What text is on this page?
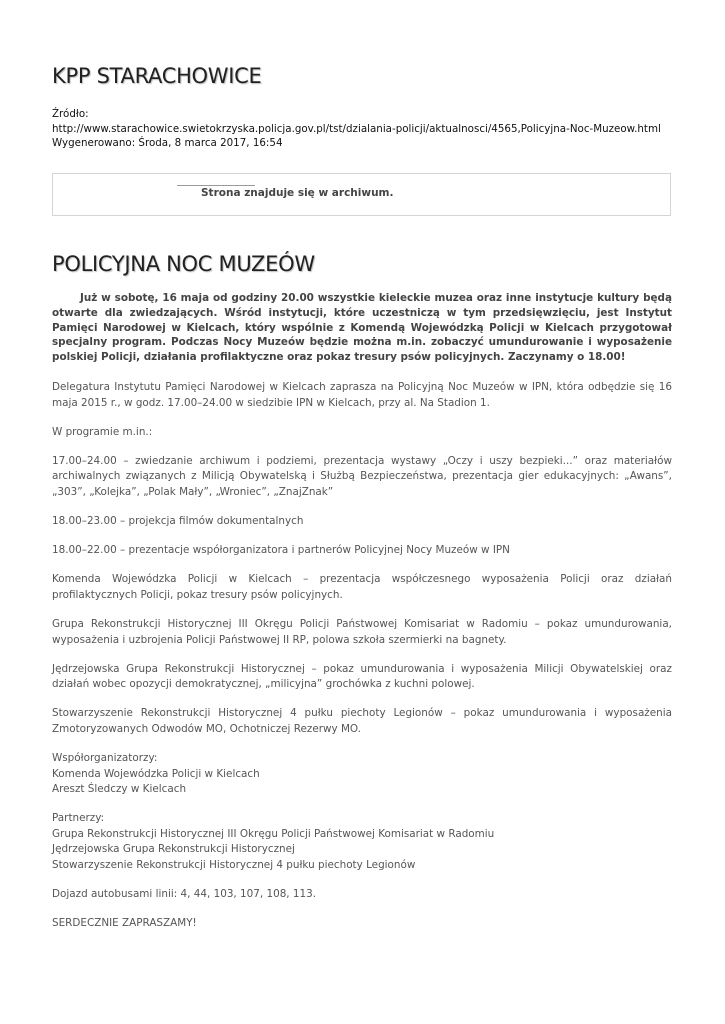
KPP STARACHOWICE
Źródło:
http://www.starachowice.swietokrzyska.policja.gov.pl/tst/dzialania-policji/aktualnosci/4565,Policyjna-Noc-Muzeow.html
Wygenerowano: Środa, 8 marca 2017, 16:54
Strona znajduje się w archiwum.
POLICYJNA NOC MUZEÓW

Już w sobotę, 16 maja od godziny 20.00 wszystkie kieleckie muzea oraz inne instytucje kultury będą otwarte dla zwiedzających. Wśród instytucji, które uczestniczą w tym przedsięwzięciu, jest Instytut Pamięci Narodowej w Kielcach, który wspólnie z Komendą Wojewódzką Policji w Kielcach przygotował specjalny program. Podczas Nocy Muzeów będzie można m.in. zobaczyć umundurowanie i wyposażenie polskiej Policji, działania profilaktyczne oraz pokaz tresury psów policyjnych. Zaczynamy o 18.00!

Delegatura Instytutu Pamięci Narodowej w Kielcach zaprasza na Policyjną Noc Muzeów w IPN, która odbędzie się 16 maja 2015 r., w godz. 17.00–24.00 w siedzibie IPN w Kielcach, przy al. Na Stadion 1.

W programie m.in.:

17.00–24.00 – zwiedzanie archiwum i podziemi, prezentacja wystawy „Oczy i uszy bezpieki...” oraz materiałów archiwalnych związanych z Milicją Obywatelską i Służbą Bezpieczeństwa, prezentacja gier edukacyjnych: „Awans”, „303”, „Kolejka”, „Polak Mały”, „Wroniec”, „ZnajZnak”

18.00–23.00 – projekcja filmów dokumentalnych

18.00–22.00 – prezentacje współorganizatora i partnerów Policyjnej Nocy Muzeów w IPN

Komenda Wojewódzka Policji w Kielcach – prezentacja współczesnego wyposażenia Policji oraz działań profilaktycznych Policji, pokaz tresury psów policyjnych.

Grupa Rekonstrukcji Historycznej III Okręgu Policji Państwowej Komisariat w Radomiu – pokaz umundurowania, wyposażenia i uzbrojenia Policji Państwowej II RP, polowa szkoła szermierki na bagnety.

Jędrzejowska Grupa Rekonstrukcji Historycznej – pokaz umundurowania i wyposażenia Milicji Obywatelskiej oraz działań wobec opozycji demokratycznej, „milicyjna” grochówka z kuchni polowej.

Stowarzyszenie Rekonstrukcji Historycznej 4 pułku piechoty Legionów – pokaz umundurowania i wyposażenia Zmotoryzowanych Odwodów MO, Ochotniczej Rezerwy MO.

Współorganizatorzy:
Komenda Wojewódzka Policji w Kielcach
Areszt Śledczy w Kielcach

Partnerzy:
Grupa Rekonstrukcji Historycznej III Okręgu Policji Państwowej Komisariat w Radomiu
Jędrzejowska Grupa Rekonstrukcji Historycznej
Stowarzyszenie Rekonstrukcji Historycznej 4 pułku piechoty Legionów

Dojazd autobusami linii: 4, 44, 103, 107, 108, 113.

SERDECZNIE ZAPRASZAMY!
